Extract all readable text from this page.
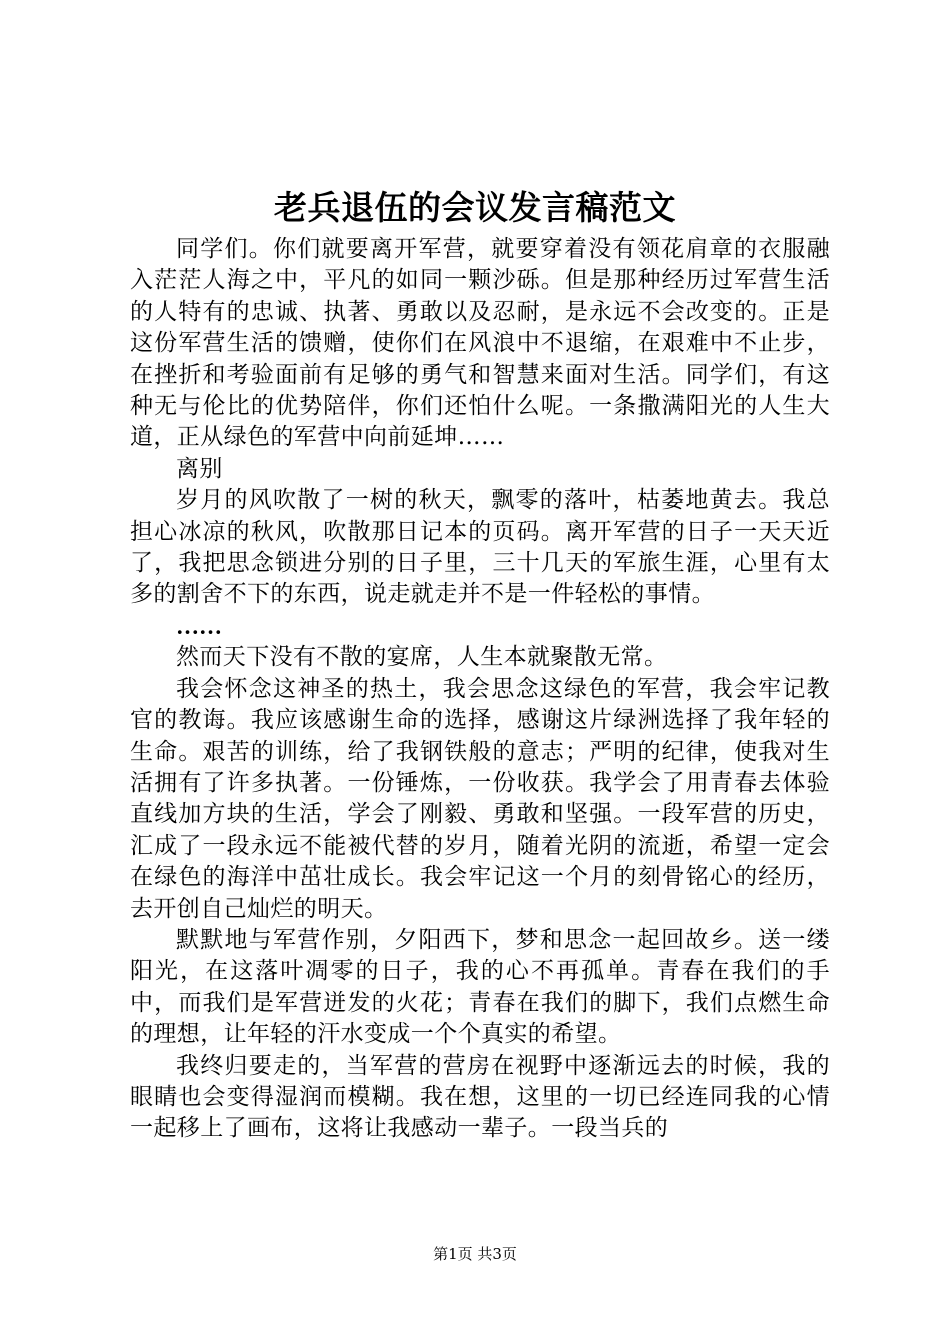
老兵退伍的会议发言稿范文

同学们。你们就要离开军营，就要穿着没有领花肩章的衣服融入茫茫人海之中，平凡的如同一颗沙砾。但是那种经历过军营生活的人特有的忠诚、执著、勇敢以及忍耐，是永远不会改变的。正是这份军营生活的馈赠，使你们在风浪中不退缩，在艰难中不止步，在挫折和考验面前有足够的勇气和智慧来面对生活。同学们，有这种无与伦比的优势陪伴，你们还怕什么呢。一条撒满阳光的人生大道，正从绿色的军营中向前延坤……

离别

岁月的风吹散了一树的秋天，飘零的落叶，枯萎地黄去。我总担心冰凉的秋风，吹散那日记本的页码。离开军营的日子一天天近了，我把思念锁进分别的日子里，三十几天的军旅生涯，心里有太多的割舍不下的东西，说走就走并不是一件轻松的事情。

……

然而天下没有不散的宴席，人生本就聚散无常。

我会怀念这神圣的热土，我会思念这绿色的军营，我会牢记教官的教诲。我应该感谢生命的选择，感谢这片绿洲选择了我年轻的生命。艰苦的训练，给了我钢铁般的意志；严明的纪律，使我对生活拥有了许多执著。一份锤炼，一份收获。我学会了用青春去体验直线加方块的生活，学会了刚毅、勇敢和坚强。一段军营的历史，汇成了一段永远不能被代替的岁月，随着光阴的流逝，希望一定会在绿色的海洋中茁壮成长。我会牢记这一个月的刻骨铭心的经历，去开创自己灿烂的明天。

默默地与军营作别，夕阳西下，梦和思念一起回故乡。送一缕阳光，在这落叶凋零的日子，我的心不再孤单。青春在我们的手中，而我们是军营迸发的火花；青春在我们的脚下，我们点燃生命的理想，让年轻的汗水变成一个个真实的希望。

我终归要走的，当军营的营房在视野中逐渐远去的时候，我的眼睛也会变得湿润而模糊。我在想，这里的一切已经连同我的心情一起移上了画布，这将让我感动一辈子。一段当兵的

第1页 共3页
